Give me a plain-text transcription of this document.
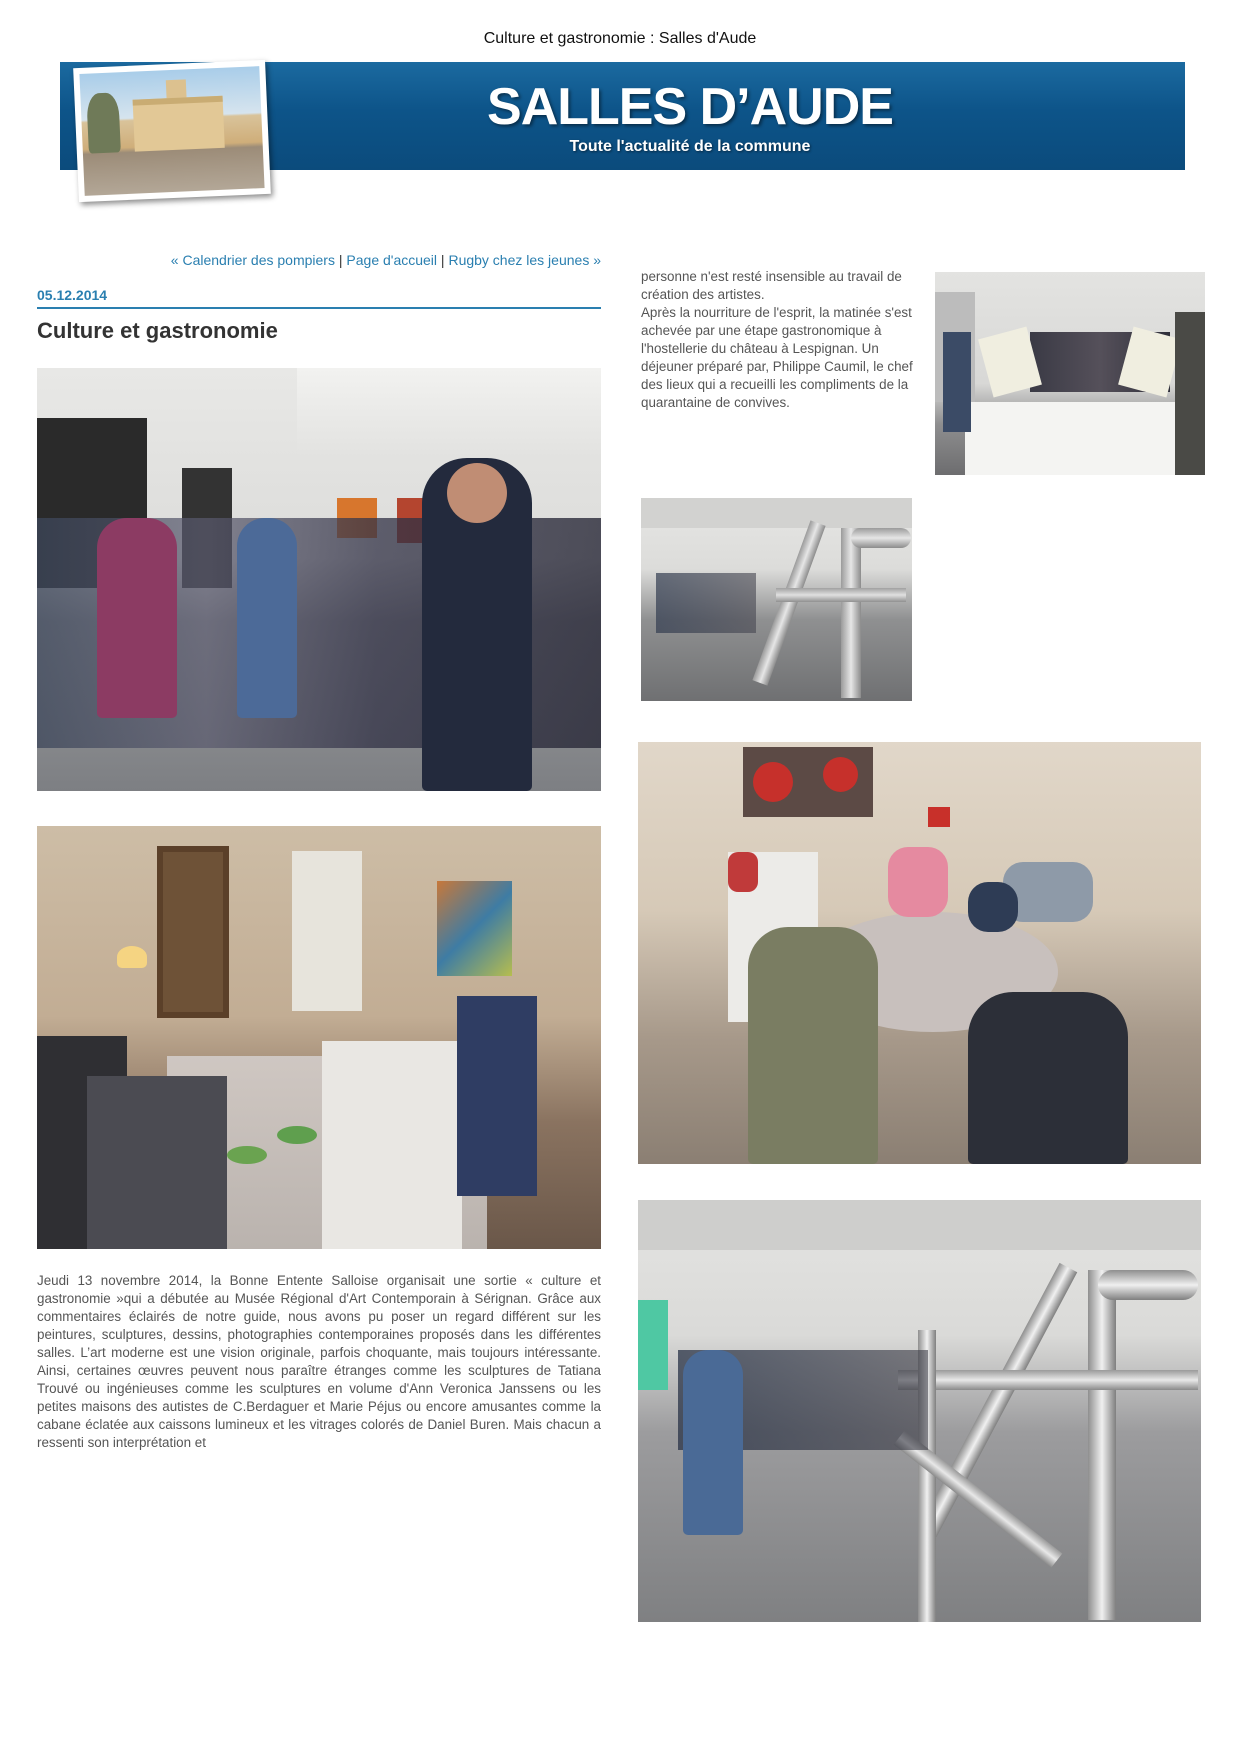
Culture et gastronomie : Salles d'Aude
SALLES D’AUDE
Toute l'actualité de la commune
« Calendrier des pompiers | Page d'accueil | Rugby chez les jeunes »
05.12.2014
Culture et gastronomie
Jeudi 13 novembre 2014, la Bonne Entente Salloise organisait une sortie « culture et gastronomie »qui a débutée au Musée Régional d'Art Contemporain à Sérignan. Grâce aux commentaires éclairés de notre guide, nous avons pu poser un regard différent sur les peintures, sculptures, dessins, photographies contemporaines proposés dans les différentes salles. L’art moderne est une vision originale, parfois choquante, mais toujours intéressante. Ainsi, certaines œuvres peuvent nous paraître étranges comme les sculptures de Tatiana Trouvé ou ingénieuses comme les sculptures en volume d'Ann Veronica Janssens ou les petites maisons des autistes de C.Berdaguer et Marie Péjus ou encore amusantes comme la cabane éclatée aux caissons lumineux et les vitrages colorés de Daniel Buren. Mais chacun a ressenti son interprétation et
personne n'est resté insensible au travail de création des artistes.
Après la nourriture de l'esprit, la matinée s'est achevée par une étape gastronomique à l'hostellerie du château à Lespignan. Un déjeuner préparé par, Philippe Caumil, le chef des lieux qui a recueilli les compliments de la quarantaine de convives.
